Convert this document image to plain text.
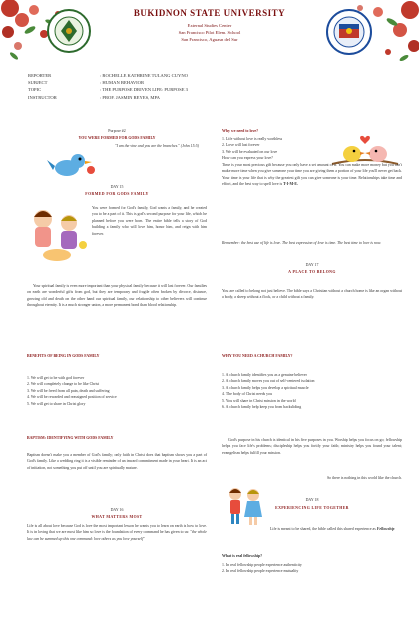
BUKIDNON STATE UNIVERSITY
External Studies Center
San Francisco Pilot Elem. School
San Francisco, Aguasn del Sur
REPORTER	: ROCHELLE KATHRINE TULANG CUYNO
SUBJECT	: HUMAN BEHAVIOR
TOPIC	: THE PURPOSE DRIVEN LIFE: PURPOSE 3
INSTRUCTOR	: PROF. JASMIN REYES, MPA
Purpose #2
YOU WERE FORMED FOR GODS FAMILY
"I am the vine and you are the branches." (John 15:5)
DAY 15
FORMED FOR GODS FAMILY
You were formed for God's family, God wants a family, and he created you to be a part of it. This is god's second purpose for your life, which he planned before you were born. The entire bible tells a story of God building a family who will love him, honor him, and reign with him forever.
Your spiritual family is even more important than your physical family because it will last forever. Our families on earth are wonderful gifts from god, but they are temporary and fragile often broken by divorce, distance, growing old and death on the other hand our spiritual family, our relationship to other believers will continue throughout eternity. It is a much stronger union, a more permanent bond than blood relationship.
BENEFITS OF BEING IN GODS FAMILY
1. We will get to be with god forever
2. We will completely change to be like Christ
3. We will be freed from all pain, death and suffering
4. We will be rewarded and reassigned position of service
5. We will get to share in Christ glory
BAPTISM: IDENTIFYING WITH GODS FAMILY
Baptism doesn't make you a member of God's family; only faith in Christ does that baptism shows you a part of God's family. Like a wedding ring it is a visible reminder of an inward commitment made in your heart. It is an act of initiation, not something you put off until you are spiritually mature.
DAY 16
WHAT MATTERS MOST
Life is all about love because God is love the most important lesson he wants you to learn on earth is how to love. It is in loving that we are most like him so love is the foundation of every command he has given to us: "the whole law can be summed up this one command: love others as you love yourself"
Why we need to love?
1. Life without love is really worthless
2. Love will last forever
3. We will be evaluated on our love
How can you express your love?
Time is your most precious gift because you only have a set amount of it. You can make more money but you can't make more time when you give someone your time you are giving them a portion of your life you'll never get back. Your time is your life that is why the greatest gift you can give someone is your time. Relationships take time and effort, and the best way to spell love is T-I-M-E.
Remember: the best use of life is love. The best expression of love is time. The best time to love is now.
DAY 17
A PLACE TO BELONG
You are called to belong not just believe. The bible says a Christian without a church home is like an organ without a body, a sheep without a flock, or a child without a family.
WHY YOU NEED A CHURCH FAMILY?
1. A church family identifies you as a genuine believer
2. A church family moves you out of self-centered isolation
3. A church family helps you develop a spiritual muscle
4. The body of Christ needs you
5. You will share in Christ mission in the world
6. A church family help keep you from backsliding
God's purpose in his church is identical in his five purposes in you. Worship helps you focus on go; fellowship helps you face life's problems; discipleship helps you fortify your faith; ministry helps you found your talent; evangelism helps fulfill your mission.
So there is nothing in this world like the church.
DAY 18
EXPERIENCING LIFE TOGETHER
Life is meant to be shared, the bible called this shared experience as Fellowship
What is real fellowship?
1. In real fellowship people experience authenticity
2. In real fellowship people experience mutuality
